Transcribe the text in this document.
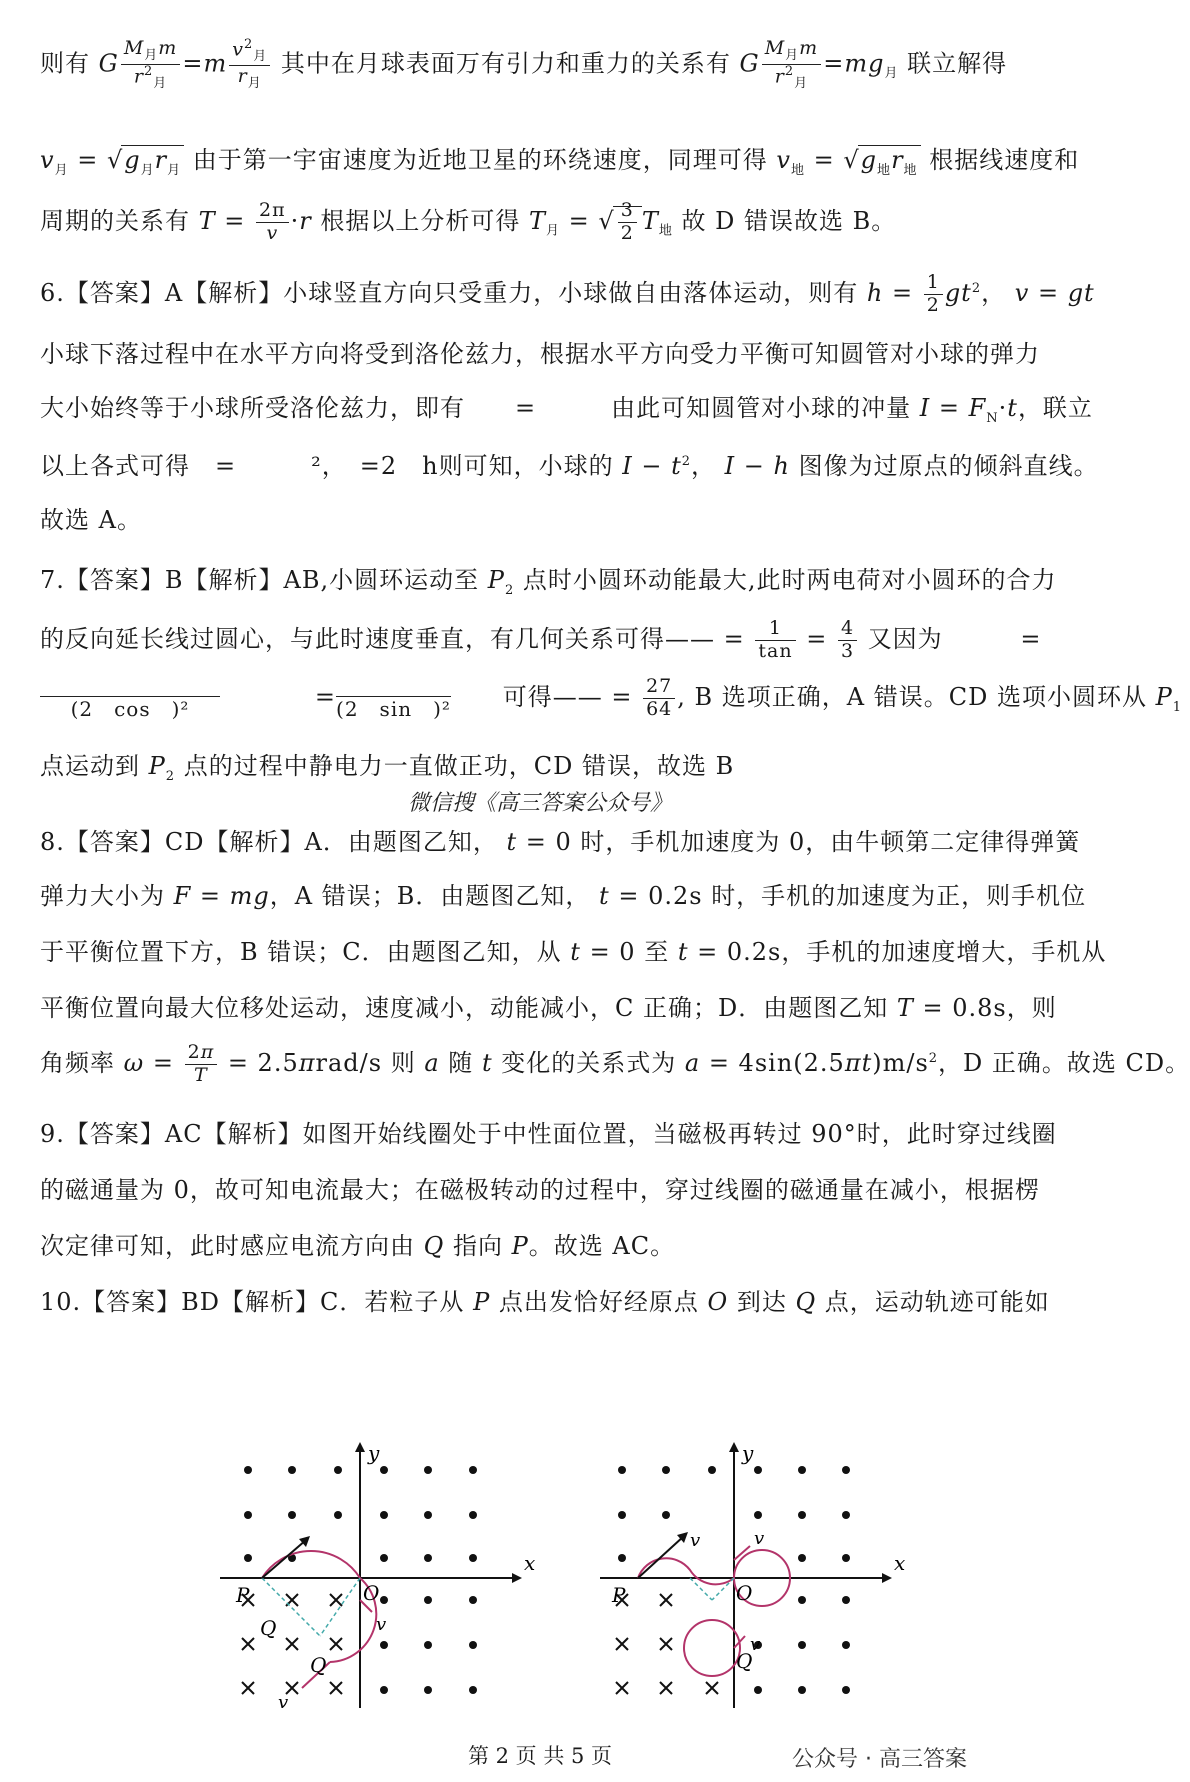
则有 G $\frac{M_月m}{r^2_月} =m \frac{v^2_月}{r_月}$ 其中在月球表面万有引力和重力的关系有 G $\frac{M_月m}{r^2_月} =mg_月$ 联立解得
$v_月 = √g_月r_月$ 由于第一宇宙速度为近地卫星的环绕速度，同理可得 $v_地 = √g_地r_地$ 根据线速度和
周期的关系有 $T = \frac{2\pi}{v} \cdot r$ 根据以上分析可得 $T_月$ = √ $\frac{3}{2} T_地$ 故 D 错误故选 B。
6.【答案】A【解析】小球竖直方向只受重力，小球做自由落体运动，则有 $h = \frac{1}{2} gt^2$， v = gt
小球下落过程中在水平方向将受到洛伦兹力，根据水平方向受力平衡可知圆管对小球的弹力
大小始终等于小球所受洛伦兹力，即有　　=　　　由此可知圆管对小球的冲量 $I = F_N\cdot t$，联立
以上各式可得　=　　　²，　=2　h则可知，小球的 $I - t^2$， I − h 图像为过原点的倾斜直线。
故选 A。
7.【答案】B【解析】AB,小圆环运动至 $P_2$ 点时小圆环动能最大,此时两电荷对小圆环的合力
的反向延长线过圆心，与此时速度垂直，有几何关系可得—— = $\frac{1}{\tan} = \frac{4}{3}$ 又因为         =
(2　cos　)²           =
(2　sin　)² 可得—— = $\frac{27}{64}$ , B 选项正确，A 错误。CD 选项小圆环从 $P_1$
点运动到 $P_2$ 点的过程中静电力一直做正功，CD 错误，故选 B
微信搜《高三答案公众号》
8.【答案】CD【解析】A．由题图乙知， t = 0 时，手机加速度为 0，由牛顿第二定律得弹簧
弹力大小为 F = mg，A 错误；B．由题图乙知， t = 0.2s 时，手机的加速度为正，则手机位
于平衡位置下方，B 错误；C．由题图乙知，从 t = 0 至 t = 0.2s，手机的加速度增大，手机从
平衡位置向最大位移处运动，速度减小，动能减小，C 正确；D．由题图乙知 T = 0.8s，则
角频率 $\omega = \frac{2\pi}{T} = 2.5\pi rad/s$ 则 a 随 t 变化的关系式为 $a = 4\sin(2.5\pi t)m/s^2$，D 正确。故选 CD。
9.【答案】AC【解析】如图开始线圈处于中性面位置，当磁极再转过 90°时，此时穿过线圈
的磁通量为 0，故可知电流最大；在磁极转动的过程中，穿过线圈的磁通量在减小，根据楞
次定律可知，此时感应电流方向由 Q 指向 P。故选 AC。
10.【答案】BD【解析】C．若粒子从 P 点出发恰好经原点 O 到达 Q 点，运动轨迹可能如
x
y
P	O
Q
Q	v
v
x
y
P	O
Q
v	v
v
第 2 页 共 5 页	公众号 · 高三答案
